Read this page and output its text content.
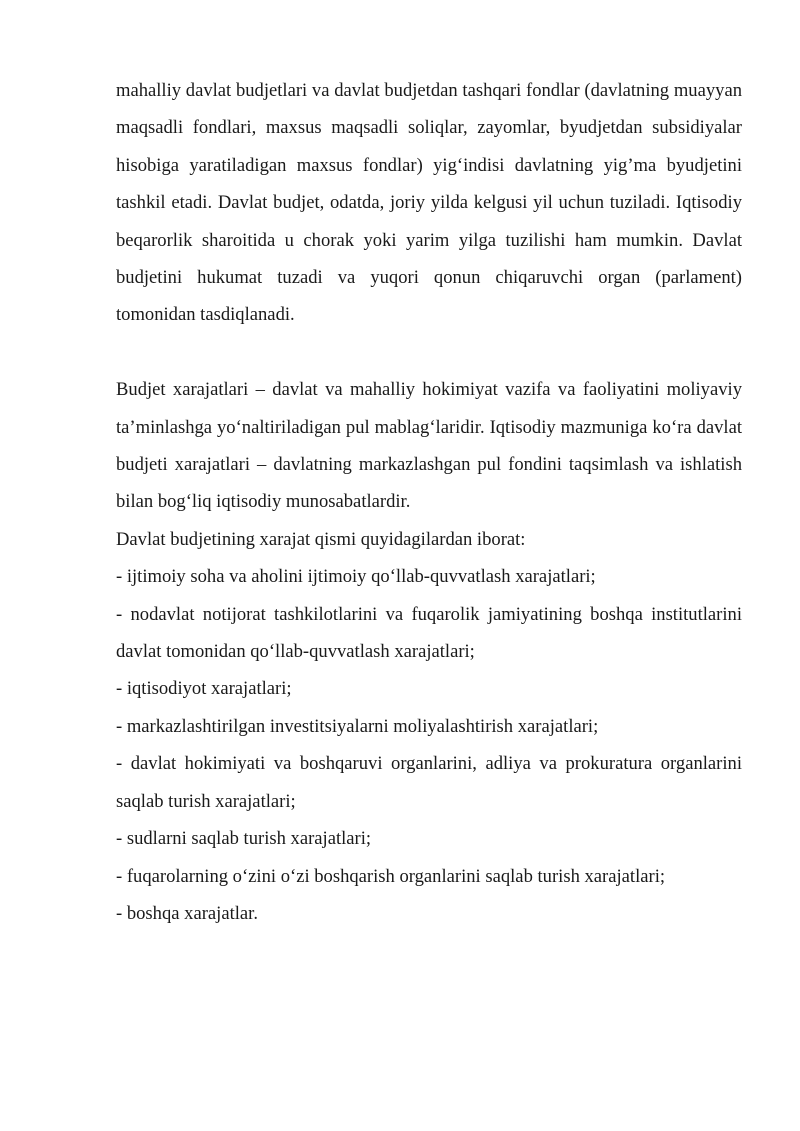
mahalliy davlat budjetlari va davlat budjetdan tashqari fondlar (davlatning muayyan maqsadli fondlari, maxsus maqsadli soliqlar, zayomlar, byudjetdan subsidiyalar hisobiga yaratiladigan maxsus fondlar) yig‘indisi davlatning yig’ma byudjetini tashkil etadi. Davlat budjet, odatda, joriy yilda kelgusi yil uchun tuziladi. Iqtisodiy beqarorlik sharoitida u chorak yoki yarim yilga tuzilishi ham mumkin. Davlat budjetini hukumat tuzadi va yuqori qonun chiqaruvchi organ (parlament) tomonidan tasdiqlanadi.

Budjet xarajatlari – davlat va mahalliy hokimiyat vazifa va faoliyatini moliyaviy ta’minlashga yo‘naltiriladigan pul mablag‘laridir. Iqtisodiy mazmuniga ko‘ra davlat budjeti xarajatlari – davlatning markazlashgan pul fondini taqsimlash va ishlatish bilan bog‘liq iqtisodiy munosabatlardir.

Davlat budjetining xarajat qismi quyidagilardan iborat:

- ijtimoiy soha va aholini ijtimoiy qo‘llab-quvvatlash xarajatlari;
- nodavlat notijorat tashkilotlarini va fuqarolik jamiyatining boshqa institutlarini davlat tomonidan qo‘llab-quvvatlash xarajatlari;
- iqtisodiyot xarajatlari;
- markazlashtirilgan investitsiyalarni moliyalashtirish xarajatlari;
- davlat hokimiyati va boshqaruvi organlarini, adliya va prokuratura organlarini saqlab turish xarajatlari;
- sudlarni saqlab turish xarajatlari;
- fuqarolarning o‘zini o‘zi boshqarish organlarini saqlab turish xarajatlari;
- boshqa xarajatlar.
